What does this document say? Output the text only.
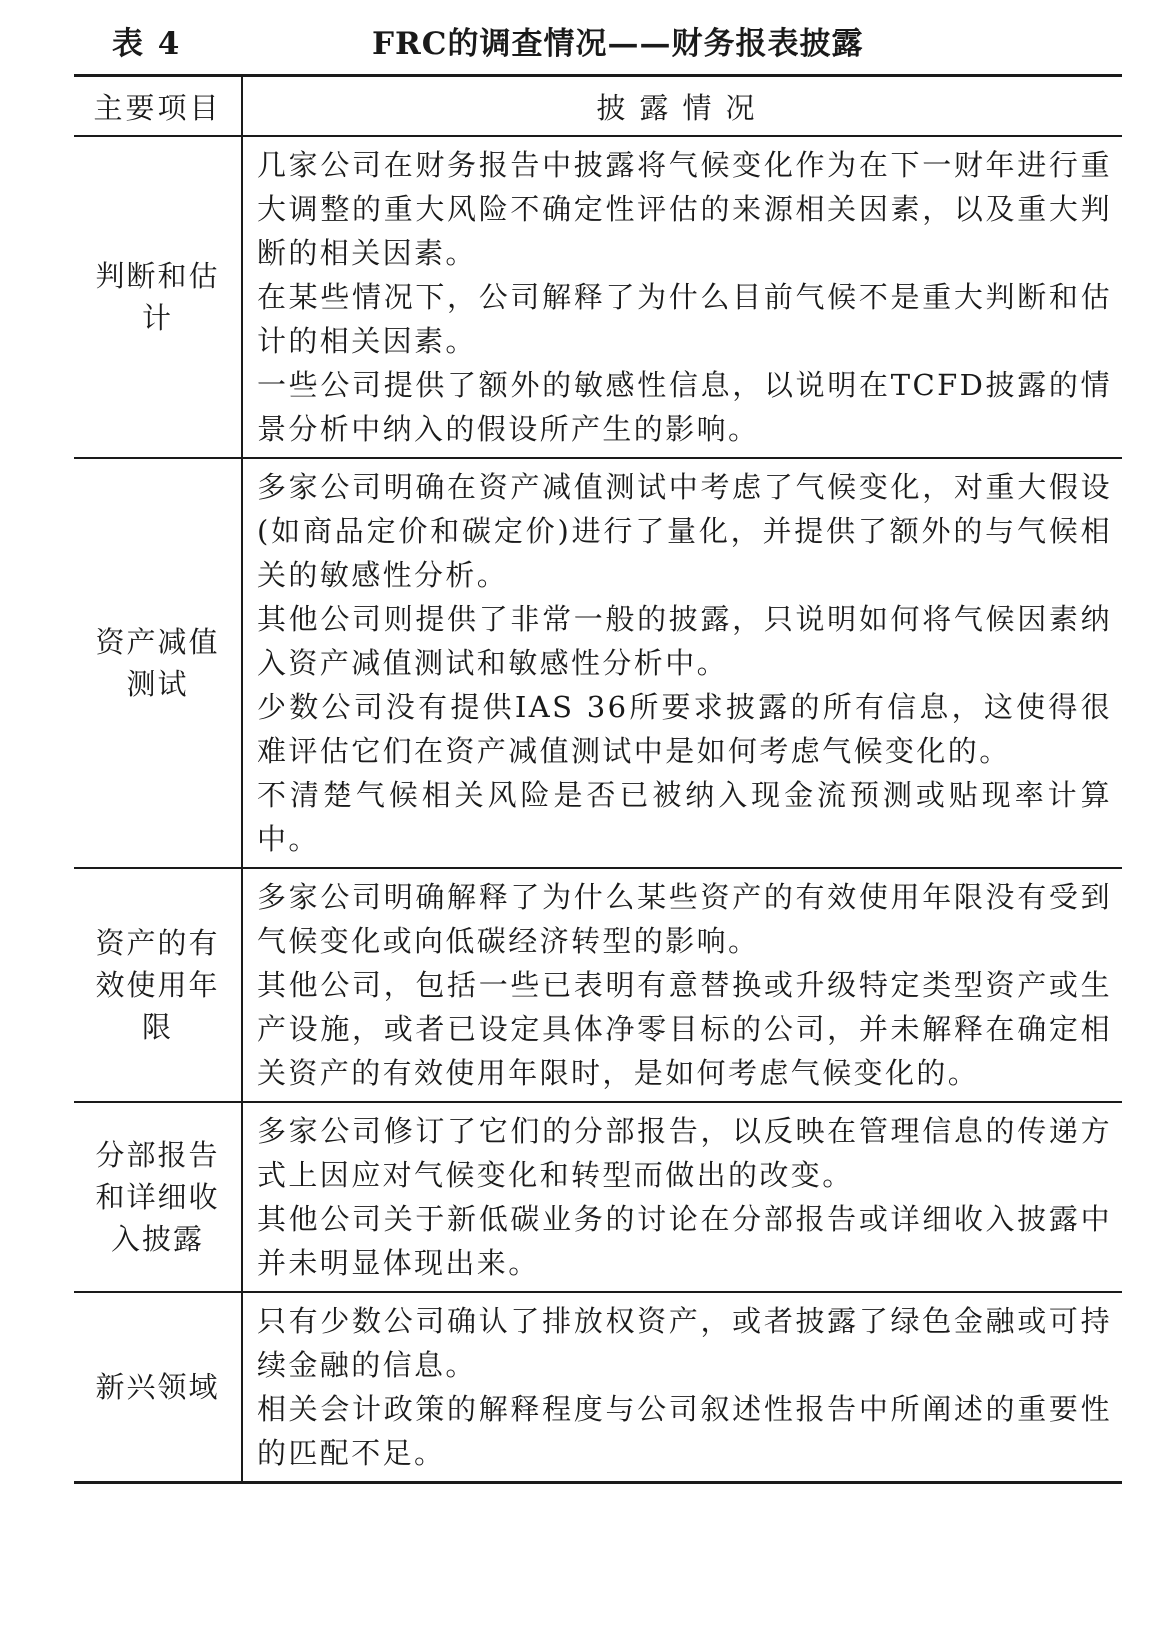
表 4	FRC的调查情况——财务报表披露
主要项目	披露情况

判断和估计	几家公司在财务报告中披露将气候变化作为在下一财年进行重大调整的重大风险不确定性评估的来源相关因素，以及重大判断的相关因素。

在某些情况下，公司解释了为什么目前气候不是重大判断和估计的相关因素。

一些公司提供了额外的敏感性信息，以说明在TCFD披露的情景分析中纳入的假设所产生的影响。

资产减值测试	多家公司明确在资产减值测试中考虑了气候变化，对重大假设(如商品定价和碳定价)进行了量化，并提供了额外的与气候相关的敏感性分析。

其他公司则提供了非常一般的披露，只说明如何将气候因素纳入资产减值测试和敏感性分析中。

少数公司没有提供IAS 36所要求披露的所有信息，这使得很难评估它们在资产减值测试中是如何考虑气候变化的。

不清楚气候相关风险是否已被纳入现金流预测或贴现率计算中。

资产的有效使用年限	多家公司明确解释了为什么某些资产的有效使用年限没有受到气候变化或向低碳经济转型的影响。

其他公司，包括一些已表明有意替换或升级特定类型资产或生产设施，或者已设定具体净零目标的公司，并未解释在确定相关资产的有效使用年限时，是如何考虑气候变化的。

分部报告和详细收入披露	多家公司修订了它们的分部报告，以反映在管理信息的传递方式上因应对气候变化和转型而做出的改变。

其他公司关于新低碳业务的讨论在分部报告或详细收入披露中并未明显体现出来。

新兴领域	只有少数公司确认了排放权资产，或者披露了绿色金融或可持续金融的信息。

相关会计政策的解释程度与公司叙述性报告中所阐述的重要性的匹配不足。
